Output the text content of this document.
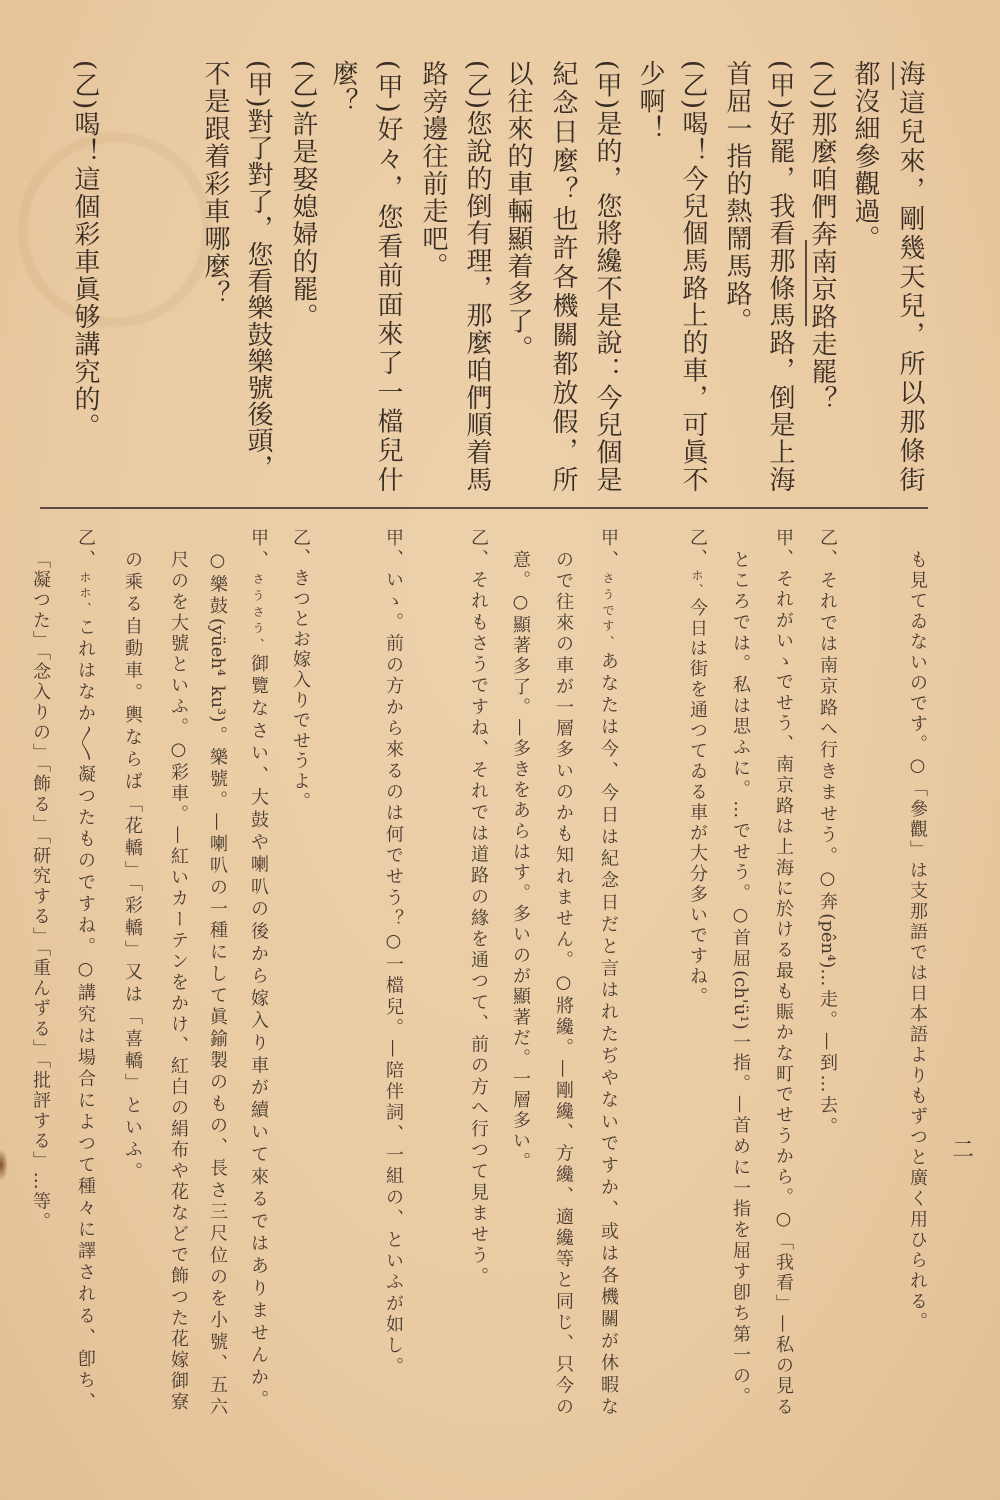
海這兒來，剛幾天兒，所以那條街
都沒細參觀過。
(乙)那麼咱們奔南京路走罷？
(甲)好罷，我看那條馬路，倒是上海
首屈一指的熱鬧馬路。
(乙)喝！今兒個馬路上的車，可眞不
少啊！
(甲)是的，您將纔不是說：今兒個是
紀念日麼？也許各機關都放假，所
以往來的車輛顯着多了。
(乙)您說的倒有理，那麼咱們順着馬
路旁邊往前走吧。
(甲)好々，您看前面來了一檔兒什
麼？
(乙)許是娶媳婦的罷。
(甲)對了對了，您看樂鼓樂號後頭，
不是跟着彩車哪麼？
(乙)喝！這個彩車眞够講究的。
も見てゐないのです。○「參觀」は支那語では日本語よりもずつと廣く用ひられる。
乙、それでは南京路へ行きませう。○奔(pên⁴)…走。—到…去。
甲、それがいゝでせう、南京路は上海に於ける最も賑かな町でせうから。○「我看」—私の見る
ところでは。私は思ふに。…でせう。○首屈(ch'ü¹)一指。—首めに一指を屈す卽ち第一の。
乙、ホ、今日は街を通つてゐる車が大分多いですね。
甲、さうです、あなたは今、今日は紀念日だと言はれたぢやないですか、或は各機關が休暇な
ので往來の車が一層多いのかも知れません。○將纔。—剛纔、方纔、適纔等と同じ、只今の
意。○顯著多了。—多きをあらはす。多いのが顯著だ。一層多い。
乙、それもさうですね、それでは道路の緣を通つて、前の方へ行つて見ませう。
甲、いゝ。前の方から來るのは何でせう？○一檔兒。—陪伴詞、一組の、といふが如し。
乙、きつとお嫁入りでせうよ。
甲、さうさう、御覽なさい、大鼓や喇叭の後から嫁入り車が續いて來るではありませんか。
○樂鼓(yüeh⁴ ku³)。樂號。—喇叭の一種にして眞鍮製のもの、長さ三尺位のを小號、五六
尺のを大號といふ。○彩車。—紅いカーテンをかけ、紅白の絹布や花などで飾つた花嫁御寮
の乘る自動車。輿ならば「花轎」「彩轎」又は「喜轎」といふ。
乙、ホホ、これはなか〱凝つたものですね。○講究は場合によつて種々に譯される、卽ち、
「凝つた」「念入りの」「飾る」「研究する」「重んずる」「批評する」…等。	二
